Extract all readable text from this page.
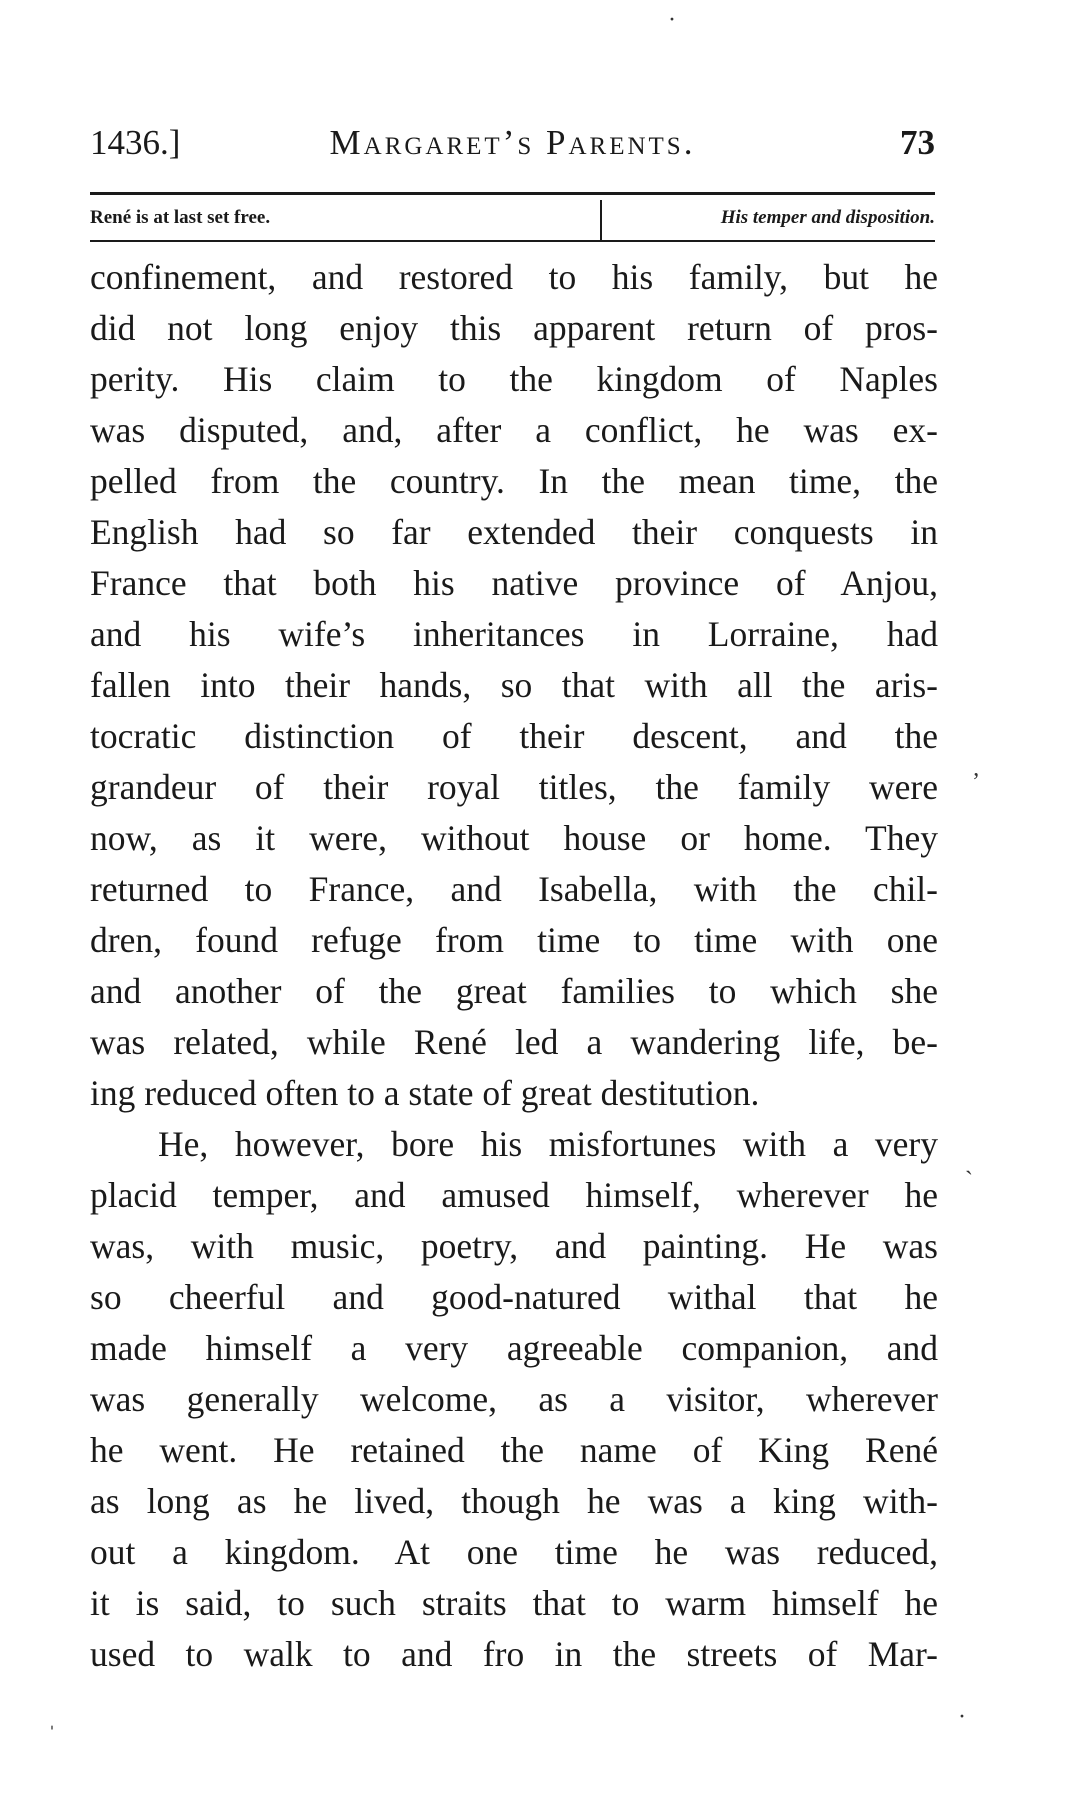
1436.]	Margaret’s Parents.	73
René is at last set free.	His temper and disposition.
confinement, and restored to his family, but he
did not long enjoy this apparent return of pros-
perity. His claim to the kingdom of Naples
was disputed, and, after a conflict, he was ex-
pelled from the country. In the mean time, the
English had so far extended their conquests in
France that both his native province of Anjou,
and his wife’s inheritances in Lorraine, had
fallen into their hands, so that with all the aris-
tocratic distinction of their descent, and the
grandeur of their royal titles, the family were
now, as it were, without house or home. They
returned to France, and Isabella, with the chil-
dren, found refuge from time to time with one
and another of the great families to which she
was related, while René led a wandering life, be-
ing reduced often to a state of great destitution.
He, however, bore his misfortunes with a very
placid temper, and amused himself, wherever he
was, with music, poetry, and painting. He was
so cheerful and good-natured withal that he
made himself a very agreeable companion, and
was generally welcome, as a visitor, wherever
he went. He retained the name of King René
as long as he lived, though he was a king with-
out a kingdom. At one time he was reduced,
it is said, to such straits that to warm himself he
used to walk to and fro in the streets of Mar-
·
ʼ
ˎ
ˌ	·
